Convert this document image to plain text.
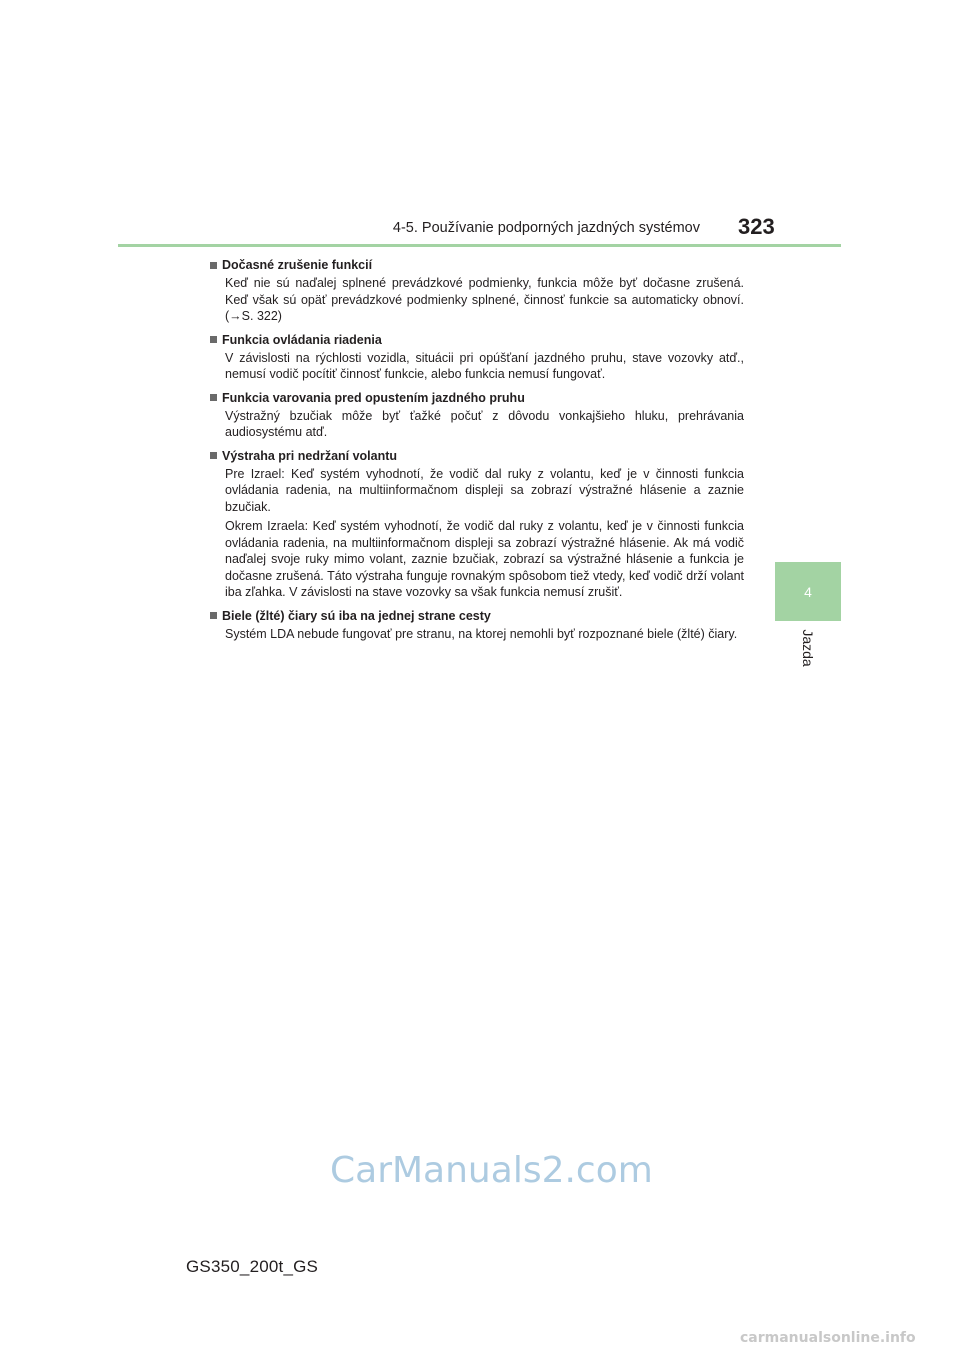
4-5. Používanie podporných jazdných systémov 323
4
Jazda
Dočasné zrušenie funkcií

Keď nie sú naďalej splnené prevádzkové podmienky, funkcia môže byť dočasne zrušená. Keď však sú opäť prevádzkové podmienky splnené, činnosť funkcie sa automaticky obnoví. (→S. 322)

Funkcia ovládania riadenia

V závislosti na rýchlosti vozidla, situácii pri opúšťaní jazdného pruhu, stave vozovky atď., nemusí vodič pocítiť činnosť funkcie, alebo funkcia nemusí fungovať.

Funkcia varovania pred opustením jazdného pruhu

Výstražný bzučiak môže byť ťažké počuť z dôvodu vonkajšieho hluku, prehrávania audiosystému atď.

Výstraha pri nedržaní volantu

Pre Izrael: Keď systém vyhodnotí, že vodič dal ruky z volantu, keď je v činnosti funkcia ovládania radenia, na multiinformačnom displeji sa zobrazí výstražné hlásenie a zaznie bzučiak.

Okrem Izraela: Keď systém vyhodnotí, že vodič dal ruky z volantu, keď je v činnosti funkcia ovládania radenia, na multiinformačnom displeji sa zobrazí výstražné hlásenie. Ak má vodič naďalej svoje ruky mimo volant, zaznie bzučiak, zobrazí sa výstražné hlásenie a funkcia je dočasne zrušená. Táto výstraha funguje rovnakým spôsobom tiež vtedy, keď vodič drží volant iba zľahka. V závislosti na stave vozovky sa však funkcia nemusí zrušiť.

Biele (žlté) čiary sú iba na jednej strane cesty

Systém LDA nebude fungovať pre stranu, na ktorej nemohli byť rozpoznané biele (žlté) čiary.

CarManuals2.com
GS350_200t_GS
carmanualsonline.info
